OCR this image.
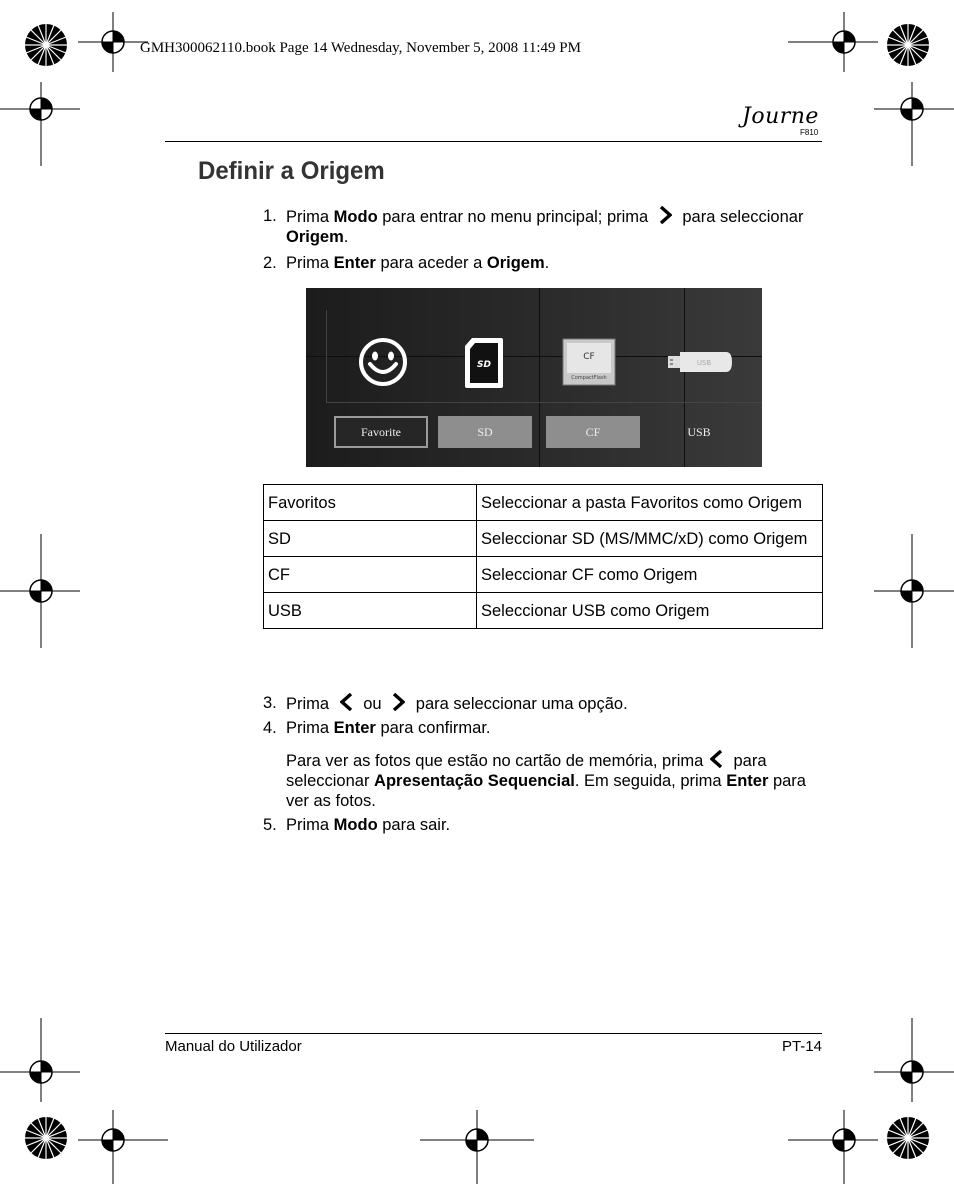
GMH300062110.book Page 14 Wednesday, November 5, 2008 11:49 PM
Journe
F810
Definir a Origem
1. Prima Modo para entrar no menu principal; prima
para seleccionar Origem.
2. Prima Enter para aceder a Origem.
SD
CF
CompactFlash
USB
Favorite	SD	CF	USB
Favoritos	Seleccionar a pasta Favoritos como Origem
SD	Seleccionar SD (MS/MMC/xD) como Origem
CF	Seleccionar CF como Origem
USB	Seleccionar USB como Origem
3. Prima
ou
para seleccionar uma opção.
4. Prima Enter para confirmar.
Para ver as fotos que estão no cartão de memória, prima
para seleccionar Apresentação Sequencial. Em seguida, prima Enter para ver as fotos.
5. Prima Modo para sair.
Manual do Utilizador	PT-14
